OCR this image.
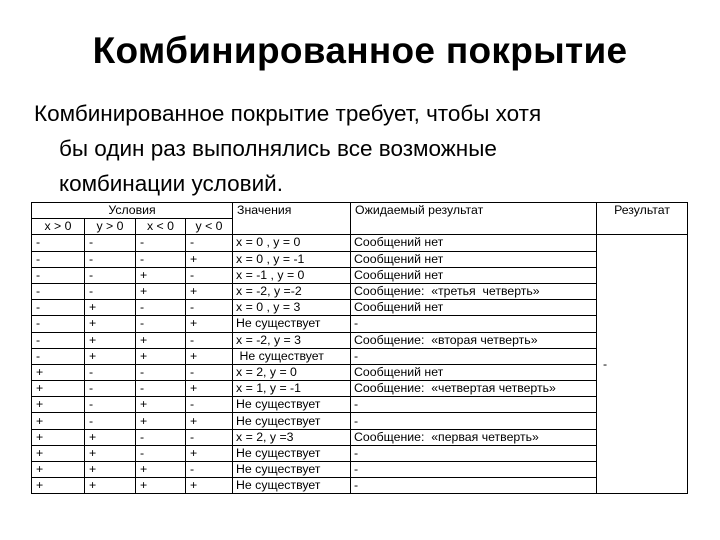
Комбинированное покрытие
Комбинированное покрытие требует, чтобы хотя
бы один раз выполнялись все возможные
комбинации условий.
Условия				Значения	Ожидаемый результат	Результат
x > 0	y > 0	x < 0	y < 0			
-	-	-	-	x = 0 , y = 0	Сообщений нет	-
-	-	-	+	x = 0 , y = -1	Сообщений нет	
-	-	+	-	x = -1 , y = 0	Сообщений нет	
-	-	+	+	x = -2, y =-2	Сообщение:  «третья  четверть»	
-	+	-	-	x = 0 , y = 3	Сообщений нет	
-	+	-	+	Не существует	-	
-	+	+	-	x = -2, y = 3	Сообщение:  «вторая четверть»	
-	+	+	+	Не существует	-	
+	-	-	-	x = 2, y = 0	Сообщений нет	
+	-	-	+	x = 1, y = -1	Сообщение:  «четвертая четверть»	
+	-	+	-	Не существует	-	
+	-	+	+	Не существует	-	
+	+	-	-	x = 2, y =3	Сообщение:  «первая четверть»	
+	+	-	+	Не существует	-	
+	+	+	-	Не существует	-	
+	+	+	+	Не существует	-	
